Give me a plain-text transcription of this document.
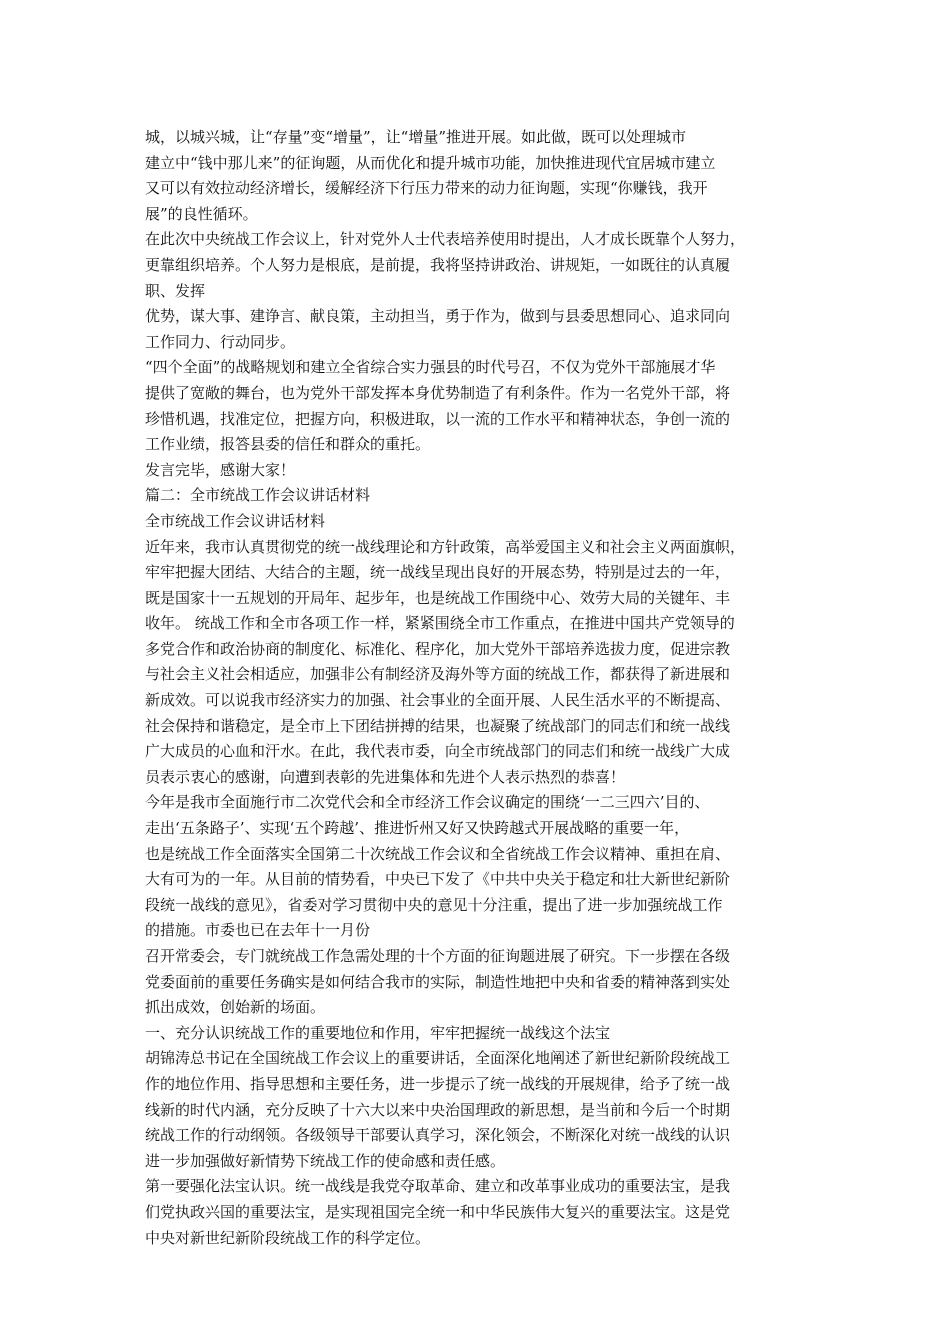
城，以城兴城，让“存量”变“增量”，让“增量”推进开展。如此做，既可以处理城市
建立中“钱中那儿来”的征询题，从而优化和提升城市功能，加快推进现代宜居城市建立
又可以有效拉动经济增长，缓解经济下行压力带来的动力征询题，实现“你赚钱，我开
展”的良性循环。
在此次中央统战工作会议上，针对党外人士代表培养使用时提出，人才成长既靠个人努力，
更靠组织培养。个人努力是根底，是前提，我将坚持讲政治、讲规矩，一如既往的认真履
职、发挥
优势，谋大事、建诤言、献良策，主动担当，勇于作为，做到与县委思想同心、追求同向
工作同力、行动同步。
“四个全面”的战略规划和建立全省综合实力强县的时代号召，不仅为党外干部施展才华
提供了宽敞的舞台，也为党外干部发挥本身优势制造了有利条件。作为一名党外干部，将
珍惜机遇，找准定位，把握方向，积极进取，以一流的工作水平和精神状态，争创一流的
工作业绩，报答县委的信任和群众的重托。
发言完毕，感谢大家！
篇二：全市统战工作会议讲话材料
全市统战工作会议讲话材料
近年来，我市认真贯彻党的统一战线理论和方针政策，高举爱国主义和社会主义两面旗帜，
牢牢把握大团结、大结合的主题，统一战线呈现出良好的开展态势，特别是过去的一年，
既是国家十一五规划的开局年、起步年，也是统战工作围绕中心、效劳大局的关键年、丰
收年。 统战工作和全市各项工作一样，紧紧围绕全市工作重点，在推进中国共产党领导的
多党合作和政治协商的制度化、标准化、程序化，加大党外干部培养选拔力度，促进宗教
与社会主义社会相适应，加强非公有制经济及海外等方面的统战工作，都获得了新进展和
新成效。可以说我市经济实力的加强、社会事业的全面开展、人民生活水平的不断提高、
社会保持和谐稳定，是全市上下团结拼搏的结果，也凝聚了统战部门的同志们和统一战线
广大成员的心血和汗水。在此，我代表市委，向全市统战部门的同志们和统一战线广大成
员表示衷心的感谢，向遭到表彰的先进集体和先进个人表示热烈的恭喜！
今年是我市全面施行市二次党代会和全市经济工作会议确定的围绕‘一二三四六’目的、
走出‘五条路子’、实现‘五个跨越’、推进忻州又好又快跨越式开展战略的重要一年，
也是统战工作全面落实全国第二十次统战工作会议和全省统战工作会议精神、重担在肩、
大有可为的一年。从目前的情势看，中央已下发了《中共中央关于稳定和壮大新世纪新阶
段统一战线的意见》，省委对学习贯彻中央的意见十分注重，提出了进一步加强统战工作
的措施。市委也已在去年十一月份
召开常委会，专门就统战工作急需处理的十个方面的征询题进展了研究。下一步摆在各级
党委面前的重要任务确实是如何结合我市的实际，制造性地把中央和省委的精神落到实处
抓出成效，创始新的场面。
一、充分认识统战工作的重要地位和作用，牢牢把握统一战线这个法宝
胡锦涛总书记在全国统战工作会议上的重要讲话，全面深化地阐述了新世纪新阶段统战工
作的地位作用、指导思想和主要任务，进一步提示了统一战线的开展规律，给予了统一战
线新的时代内涵，充分反映了十六大以来中央治国理政的新思想，是当前和今后一个时期
统战工作的行动纲领。各级领导干部要认真学习，深化领会，不断深化对统一战线的认识
进一步加强做好新情势下统战工作的使命感和责任感。
第一要强化法宝认识。统一战线是我党夺取革命、建立和改革事业成功的重要法宝，是我
们党执政兴国的重要法宝，是实现祖国完全统一和中华民族伟大复兴的重要法宝。这是党
中央对新世纪新阶段统战工作的科学定位。
